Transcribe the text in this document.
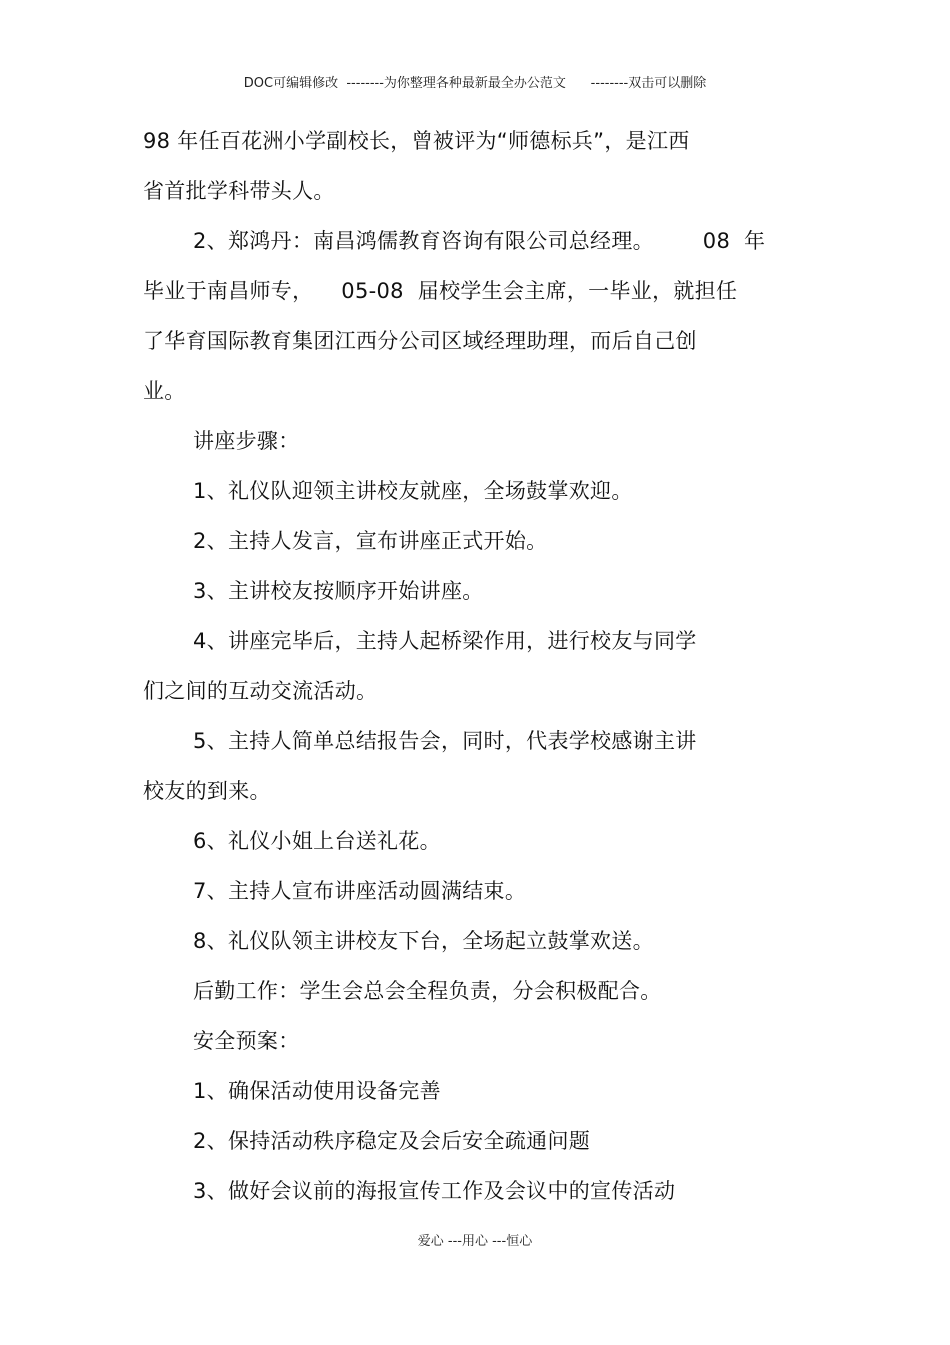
DOC可编辑修改  --------为你整理各种最新最全办公范文      --------双击可以删除
98 年任百花洲小学副校长，曾被评为“师德标兵”，是江西
省首批学科带头人。
2、郑鸿丹：南昌鸿儒教育咨询有限公司总经理。       08  年
毕业于南昌师专，    05-08  届校学生会主席，一毕业，就担任
了华育国际教育集团江西分公司区域经理助理，而后自己创
业。
讲座步骤：
1、礼仪队迎领主讲校友就座，全场鼓掌欢迎。
2、主持人发言，宣布讲座正式开始。
3、主讲校友按顺序开始讲座。
4、讲座完毕后，主持人起桥梁作用，进行校友与同学
们之间的互动交流活动。
5、主持人简单总结报告会，同时，代表学校感谢主讲
校友的到来。
6、礼仪小姐上台送礼花。
7、主持人宣布讲座活动圆满结束。
8、礼仪队领主讲校友下台，全场起立鼓掌欢送。
后勤工作：学生会总会全程负责，分会积极配合。
安全预案：
1、确保活动使用设备完善
2、保持活动秩序稳定及会后安全疏通问题
3、做好会议前的海报宣传工作及会议中的宣传活动
爱心 ---用心 ---恒心
